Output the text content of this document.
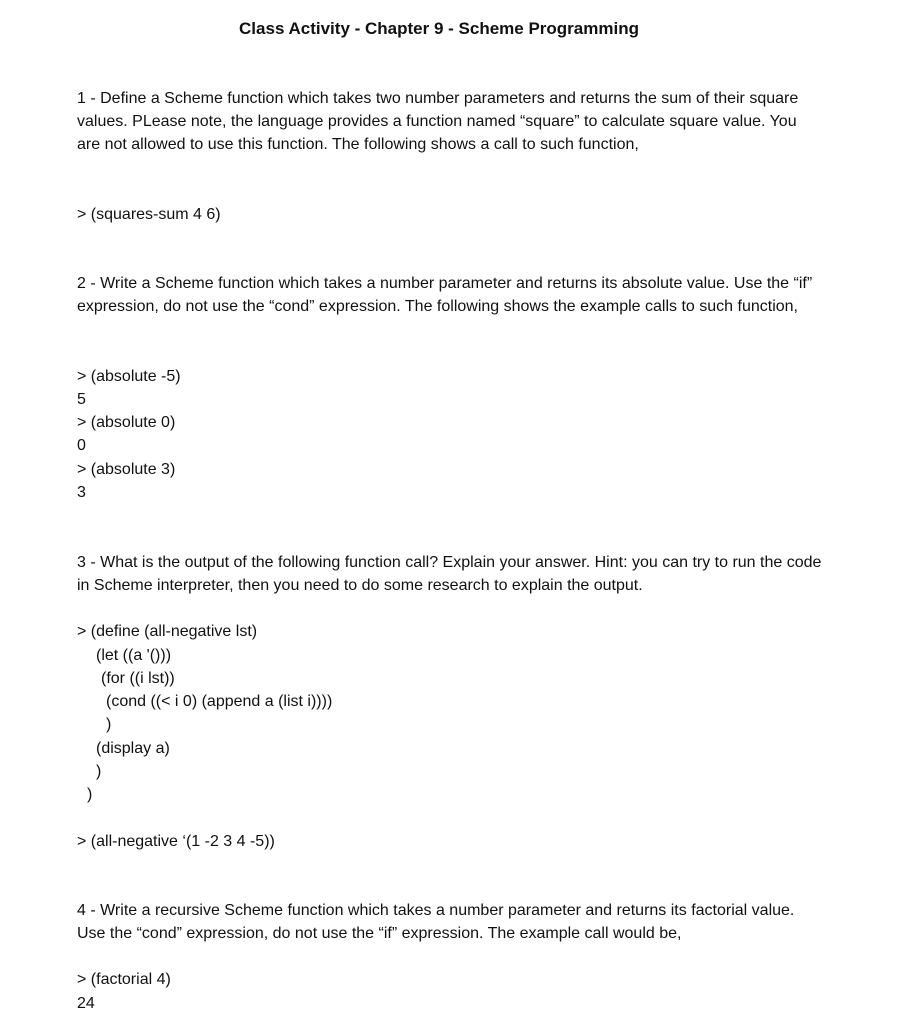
Class Activity - Chapter 9 - Scheme Programming

1 - Define a Scheme function which takes two number parameters and returns the sum of their square values. PLease note, the language provides a function named “square” to calculate square value. You are not allowed to use this function. The following shows a call to such function,

> (squares-sum 4 6)

2 - Write a Scheme function which takes a number parameter and returns its absolute value. Use the “if” expression, do not use the “cond” expression. The following shows the example calls to such function,

> (absolute -5)
5
> (absolute 0)
0
> (absolute 3)
3

3 - What is the output of the following function call? Explain your answer. Hint: you can try to run the code in Scheme interpreter, then you need to do some research to explain the output.

> (define (all-negative lst)
(let ((a '()))
(for ((i lst))
(cond ((< i 0) (append a (list i))))
)
(display a)
)
)
> (all-negative ‘(1 -2 3 4 -5))

4 - Write a recursive Scheme function which takes a number parameter and returns its factorial value. Use the “cond” expression, do not use the “if” expression. The example call would be,

> (factorial 4)
24
